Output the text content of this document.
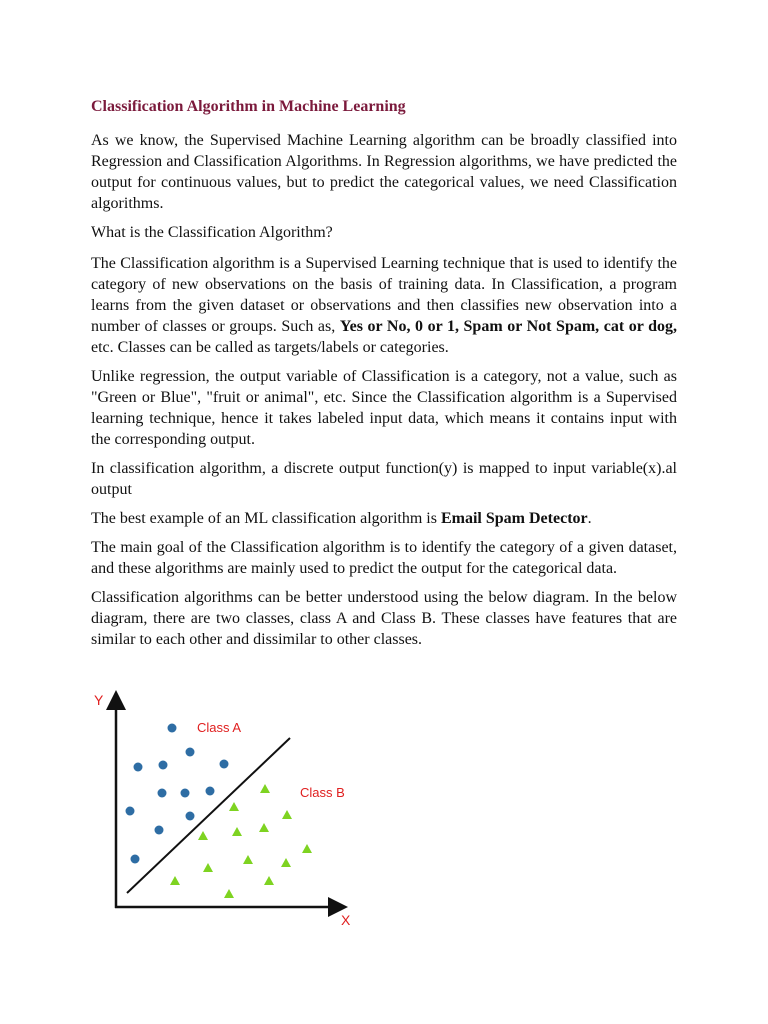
Classification Algorithm in Machine Learning

As we know, the Supervised Machine Learning algorithm can be broadly classified into Regression and Classification Algorithms. In Regression algorithms, we have predicted the output for continuous values, but to predict the categorical values, we need Classification algorithms.

What is the Classification Algorithm?

The Classification algorithm is a Supervised Learning technique that is used to identify the category of new observations on the basis of training data. In Classification, a program learns from the given dataset or observations and then classifies new observation into a number of classes or groups. Such as, Yes or No, 0 or 1, Spam or Not Spam, cat or dog, etc. Classes can be called as targets/labels or categories.

Unlike regression, the output variable of Classification is a category, not a value, such as "Green or Blue", "fruit or animal", etc. Since the Classification algorithm is a Supervised learning technique, hence it takes labeled input data, which means it contains input with the corresponding output.

In classification algorithm, a discrete output function(y) is mapped to input variable(x).al output

The best example of an ML classification algorithm is Email Spam Detector.

The main goal of the Classification algorithm is to identify the category of a given dataset, and these algorithms are mainly used to predict the output for the categorical data.

Classification algorithms can be better understood using the below diagram. In the below diagram, there are two classes, class A and Class B. These classes have features that are similar to each other and dissimilar to other classes.

Y
X
Class A
Class B
